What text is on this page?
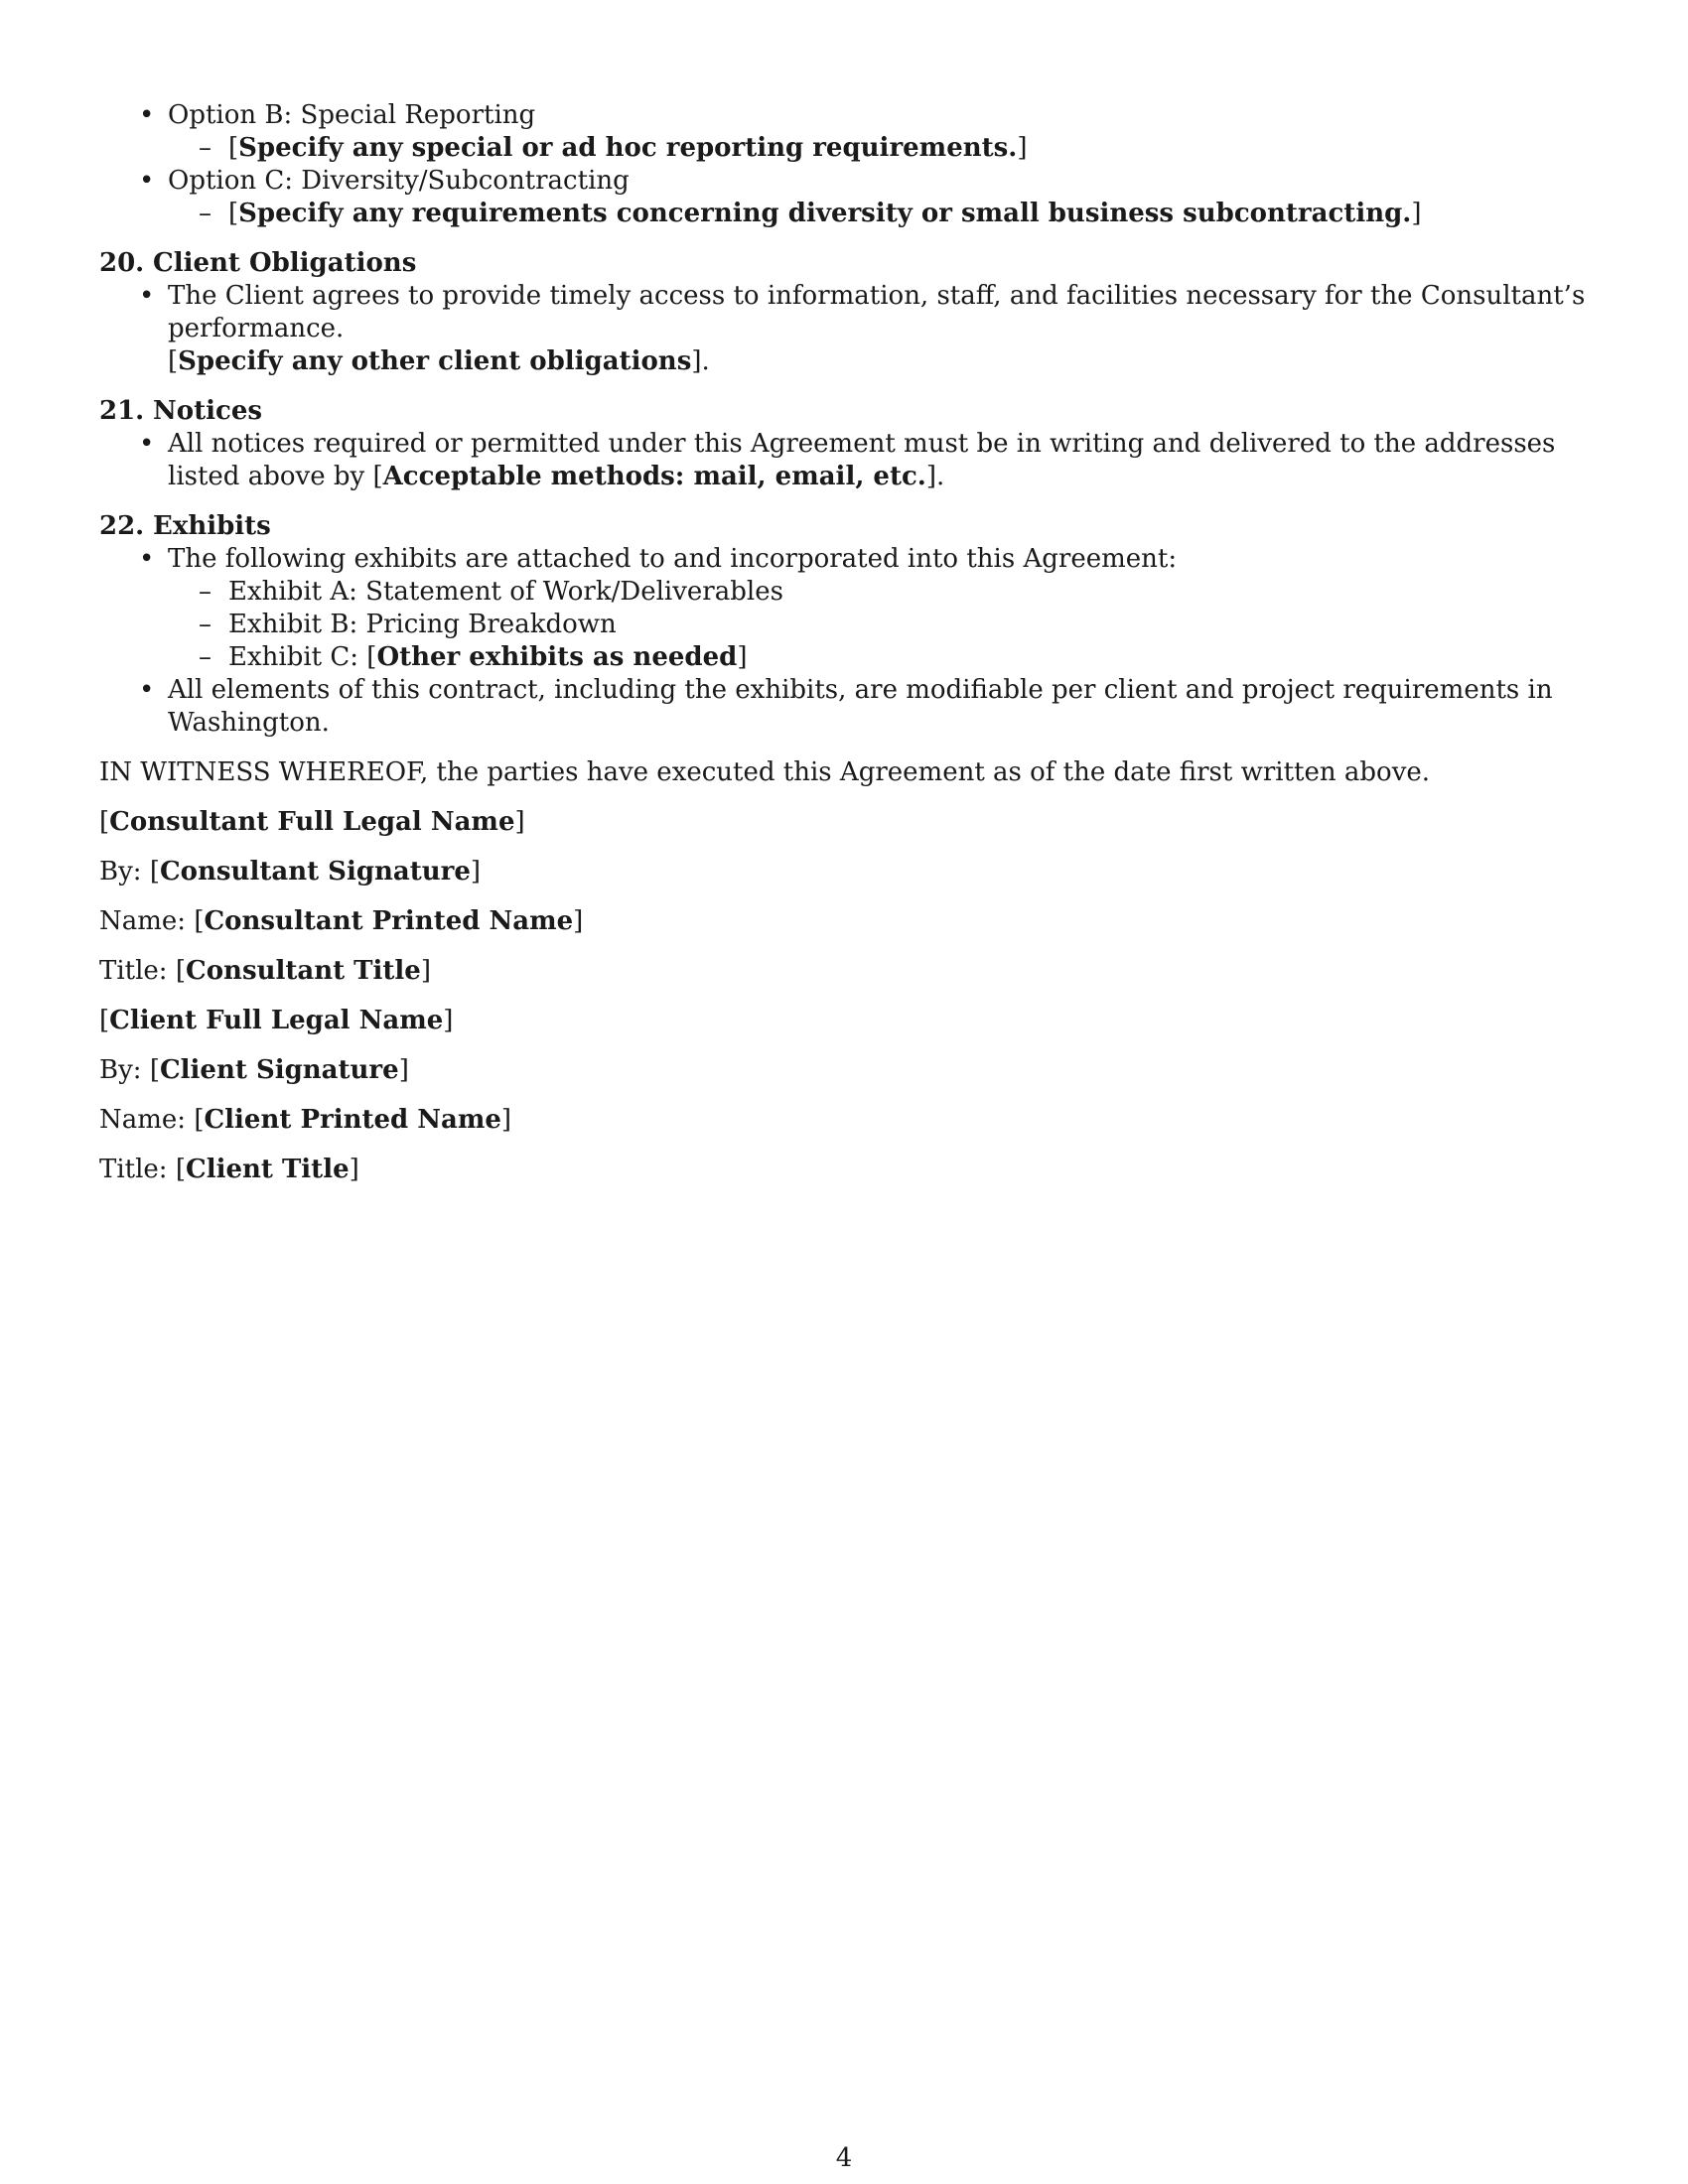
• Option B: Special Reporting
– [Specify any special or ad hoc reporting requirements.]
• Option C: Diversity/Subcontracting
– [Specify any requirements concerning diversity or small business subcontracting.]
20. Client Obligations
• The Client agrees to provide timely access to information, staff, and facilities necessary for the Consultant’s performance.
[Specify any other client obligations].
21. Notices
• All notices required or permitted under this Agreement must be in writing and delivered to the addresses listed above by [Acceptable methods: mail, email, etc.].
22. Exhibits
• The following exhibits are attached to and incorporated into this Agreement:
– Exhibit A: Statement of Work/Deliverables
– Exhibit B: Pricing Breakdown
– Exhibit C: [Other exhibits as needed]
• All elements of this contract, including the exhibits, are modifiable per client and project requirements in Washington.
IN WITNESS WHEREOF, the parties have executed this Agreement as of the date first written above.
[Consultant Full Legal Name]
By: [Consultant Signature]
Name: [Consultant Printed Name]
Title: [Consultant Title]
[Client Full Legal Name]
By: [Client Signature]
Name: [Client Printed Name]
Title: [Client Title]
4
